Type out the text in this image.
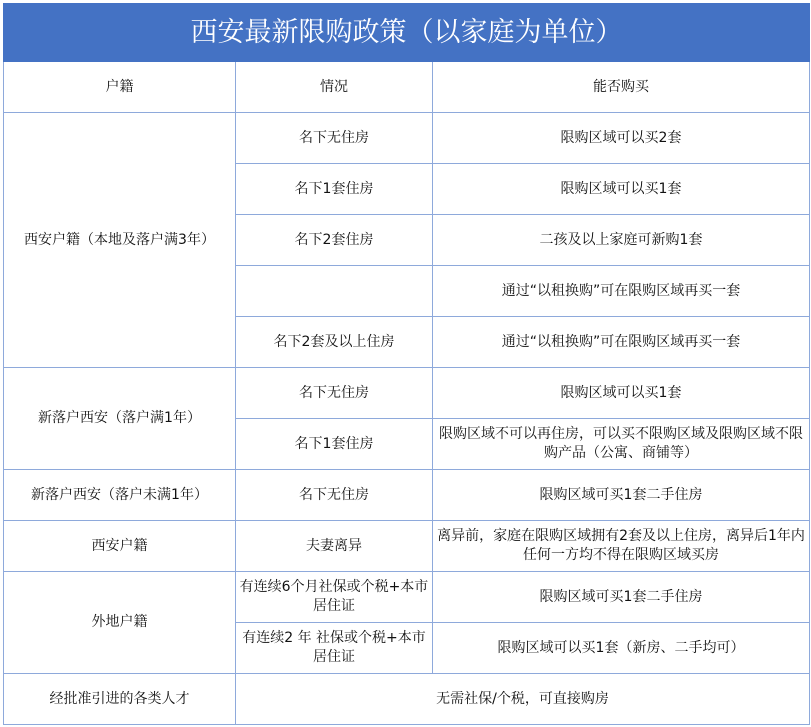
西安最新限购政策（以家庭为单位）		
户籍	情况	能否购买
西安户籍（本地及落户满3年）	名下无住房	限购区域可以买2套
	名下1套住房	限购区域可以买1套
	名下2套住房	二孩及以上家庭可新购1套
		通过“以租换购”可在限购区域再买一套
	名下2套及以上住房	通过“以租换购”可在限购区域再买一套
新落户西安（落户满1年）	名下无住房	限购区域可以买1套
	名下1套住房	限购区域不可以再住房，可以买不限购区域及限购区域不限购产品（公寓、商铺等）
新落户西安（落户未满1年）	名下无住房	限购区域可买1套二手住房
西安户籍	夫妻离异	离异前，家庭在限购区域拥有2套及以上住房，离异后1年内任何一方均不得在限购区域买房
外地户籍	有连续6个月社保或个税+本市居住证	限购区域可买1套二手住房
	有连续2 年 社保或个税+本市居住证	限购区域可以买1套（新房、二手均可）
经批准引进的各类人才	无需社保/个税，可直接购房	
